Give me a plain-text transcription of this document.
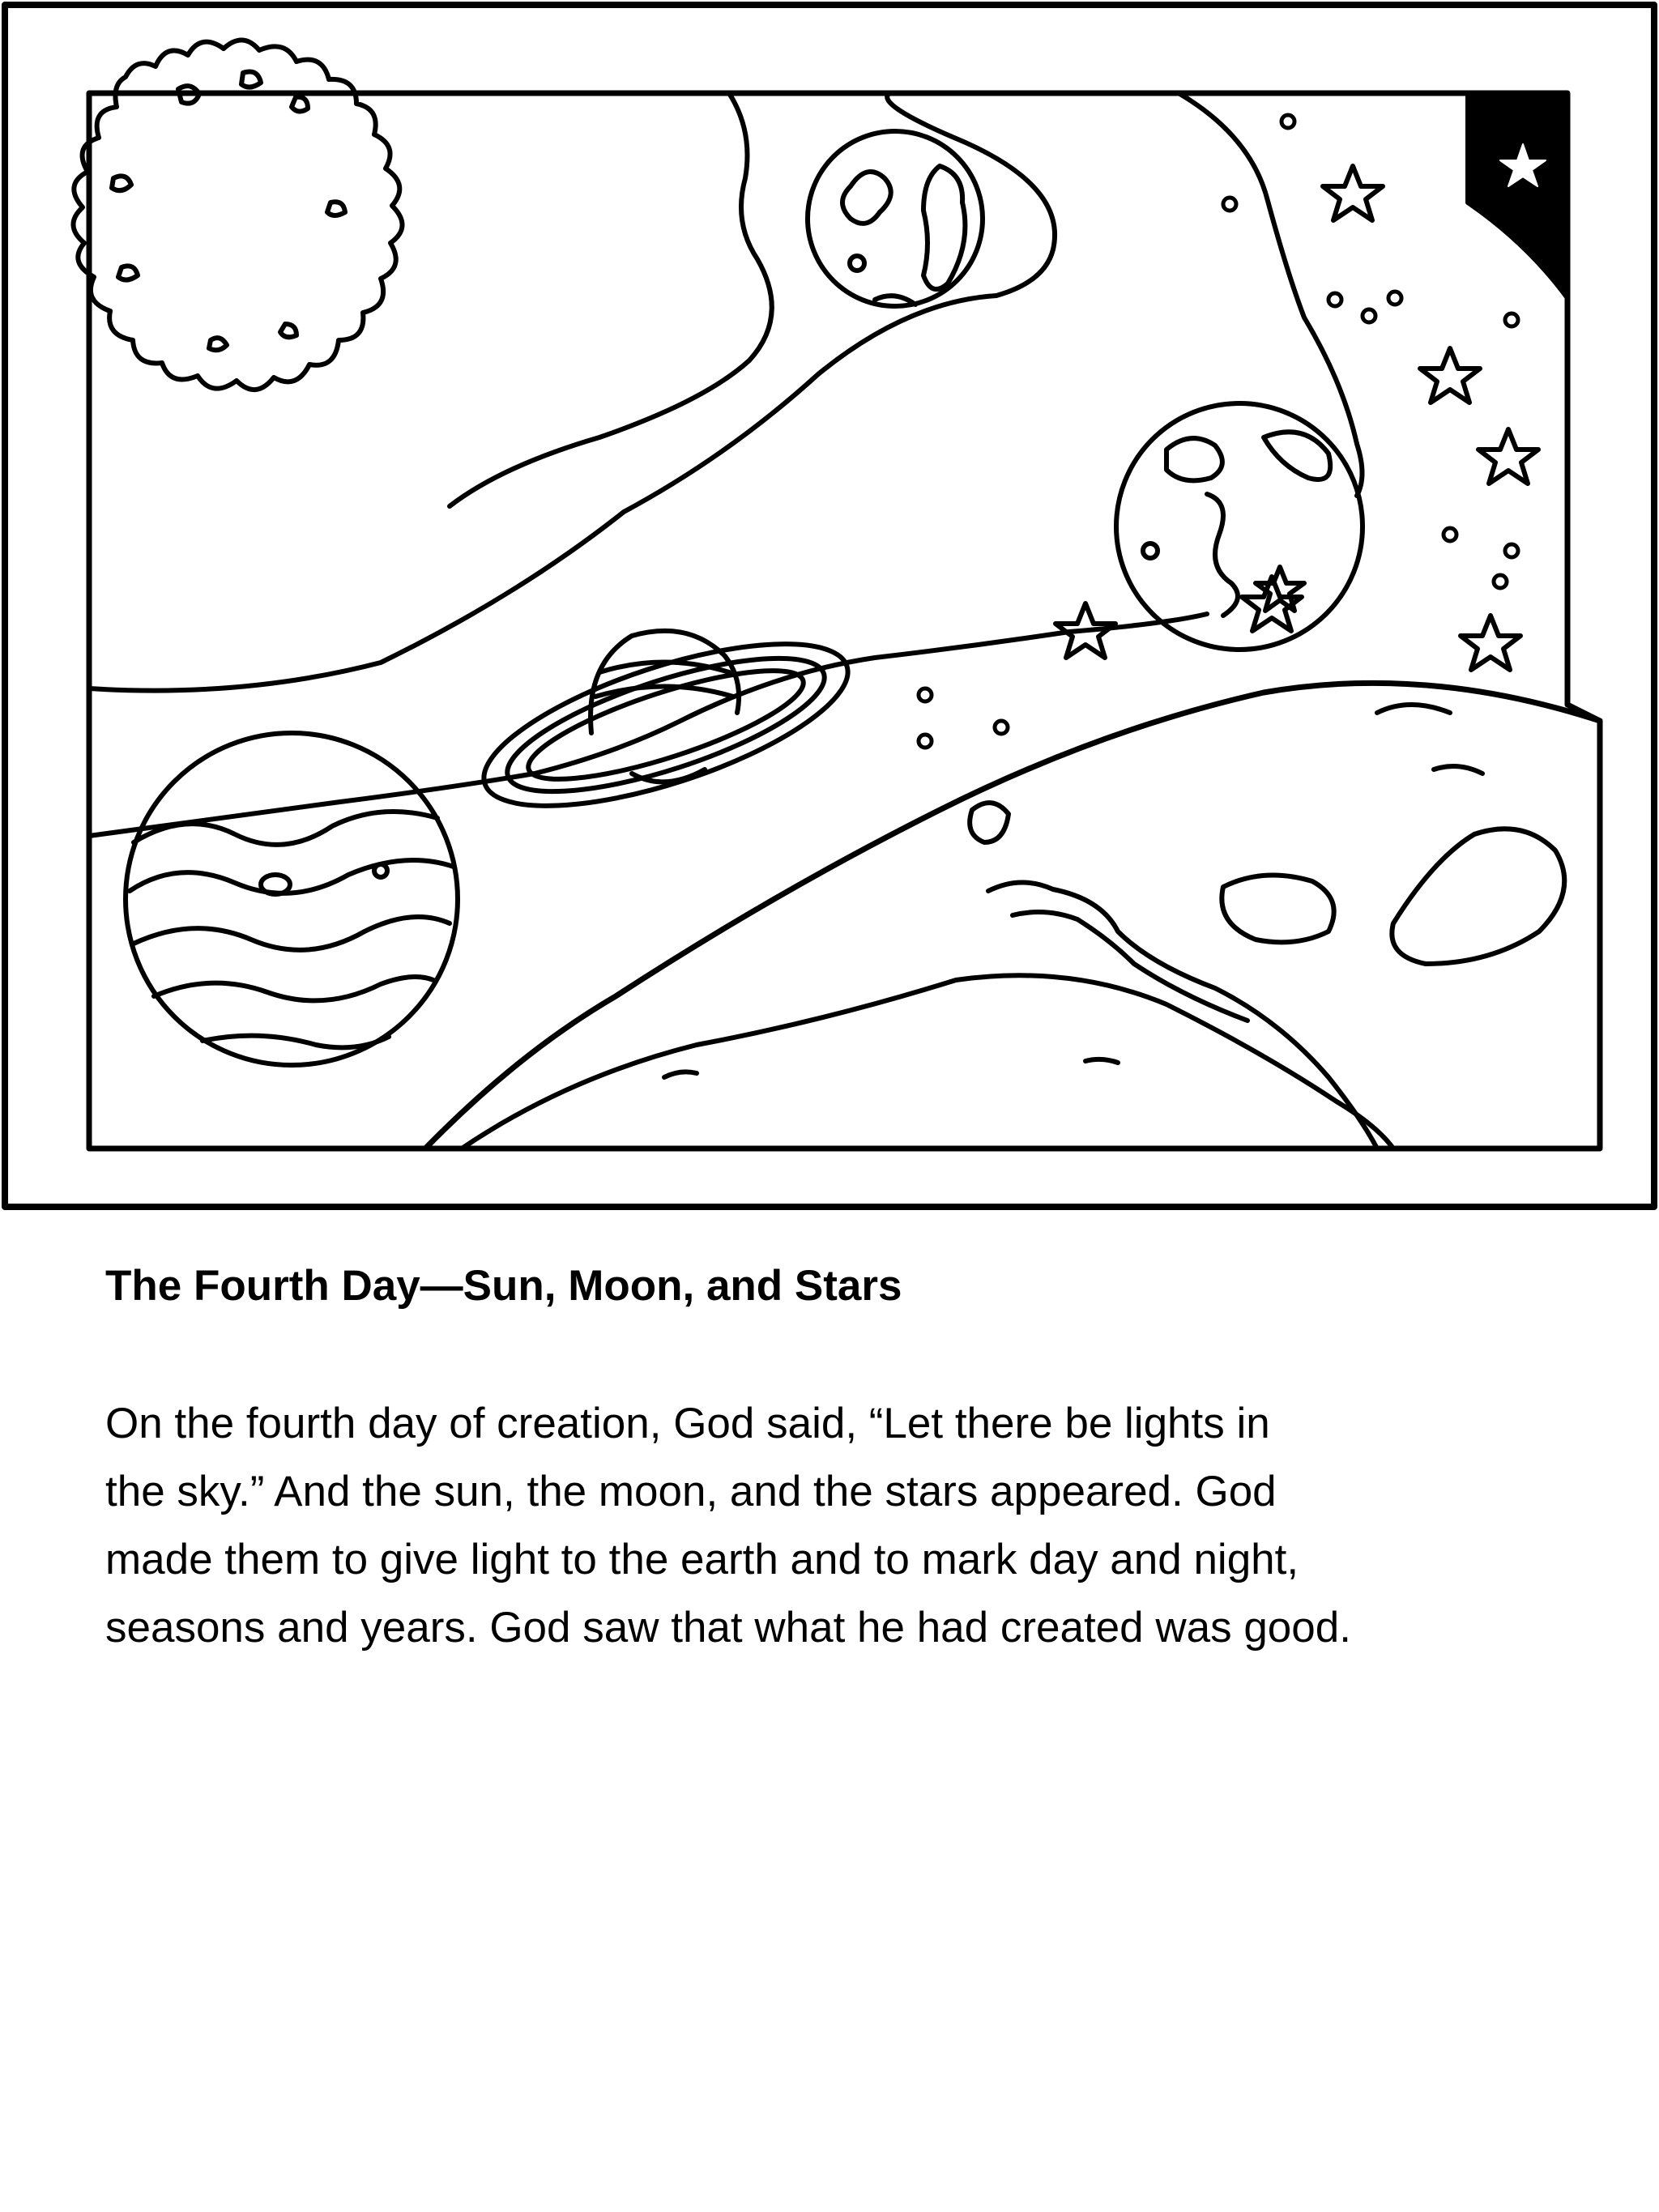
The Fourth Day—Sun, Moon, and Stars
On the fourth day of creation, God said, “Let there be lights in
the sky.” And the sun, the moon, and the stars appeared. God
made them to give light to the earth and to mark day and night,
seasons and years. God saw that what he had created was good.
